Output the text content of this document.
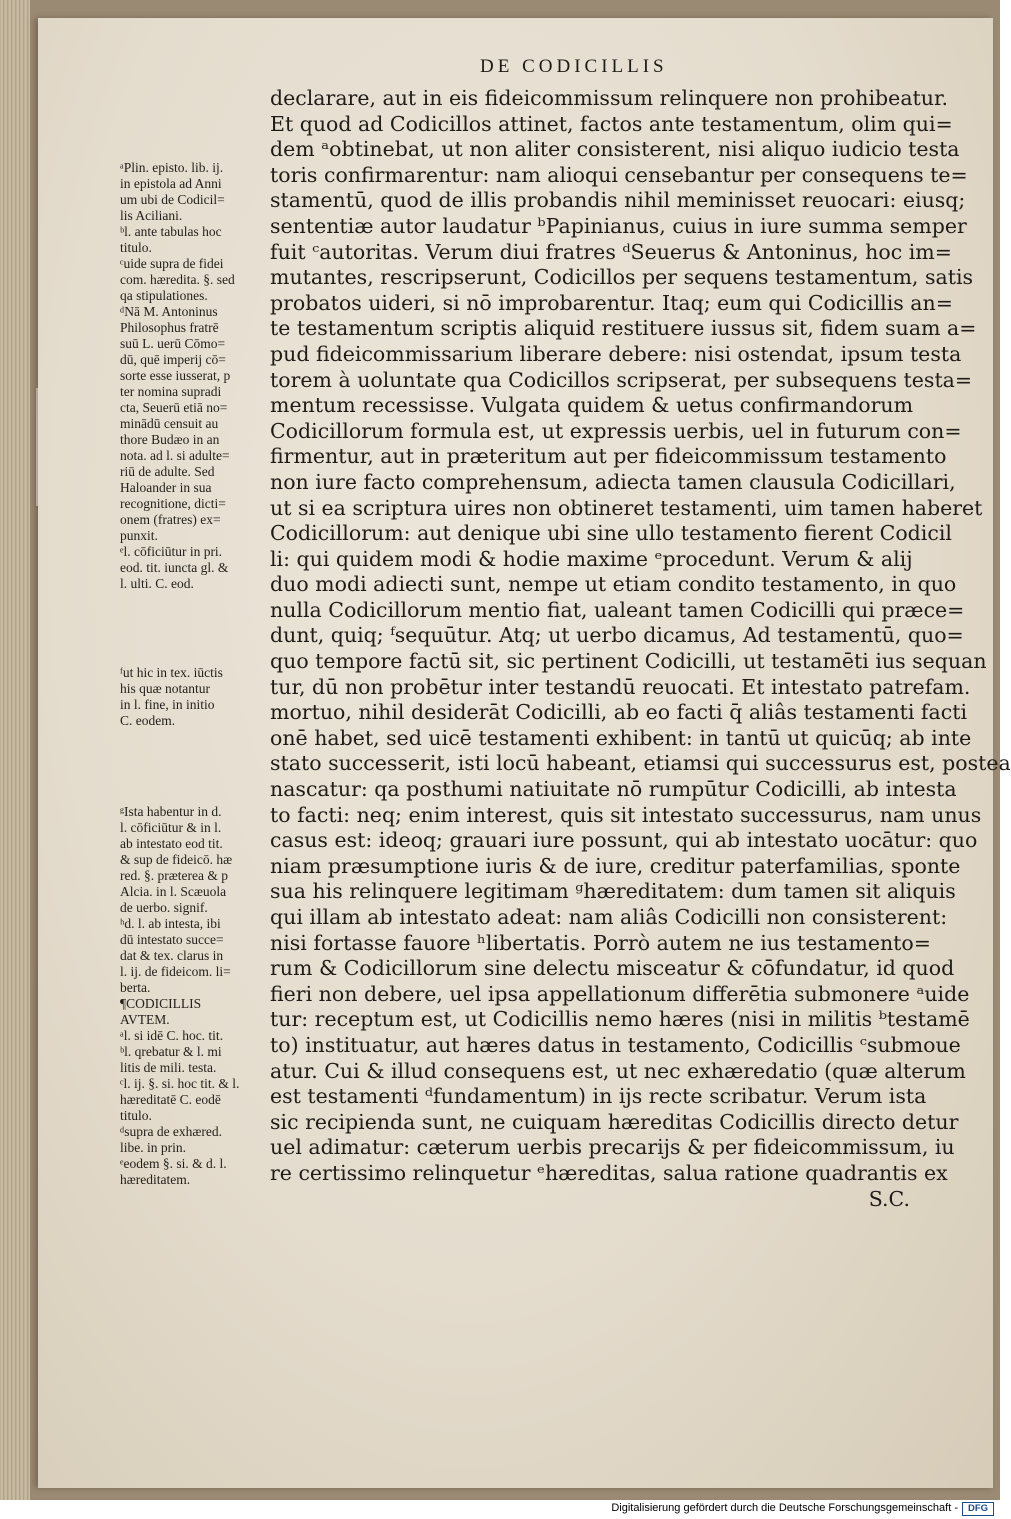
DE CODICILLIS
declarare, aut in eis fideicommissum relinquere non prohibeatur.
Et quod ad Codicillos attinet, factos ante testamentum, olim qui=
dem ᵃobtinebat, ut non aliter consisterent, nisi aliquo iudicio testa
toris confirmarentur: nam alioqui censebantur per consequens te=
stamentū, quod de illis probandis nihil meminisset reuocari: eiusq;
sententiæ autor laudatur ᵇPapinianus, cuius in iure summa semper
fuit ᶜautoritas. Verum diui fratres ᵈSeuerus & Antoninus, hoc im=
mutantes, rescripserunt, Codicillos per sequens testamentum, satis
probatos uideri, si nō improbarentur. Itaq; eum qui Codicillis an=
te testamentum scriptis aliquid restituere iussus sit, fidem suam a=
pud fideicommissarium liberare debere: nisi ostendat, ipsum testa
torem à uoluntate qua Codicillos scripserat, per subsequens testa=
mentum recessisse. Vulgata quidem & uetus confirmandorum
Codicillorum formula est, ut expressis uerbis, uel in futurum con=
firmentur, aut in præteritum aut per fideicommissum testamento
non iure facto comprehensum, adiecta tamen clausula Codicillari,
ut si ea scriptura uires non obtineret testamenti, uim tamen haberet
Codicillorum: aut denique ubi sine ullo testamento fierent Codicil
li: qui quidem modi & hodie maxime ᵉprocedunt. Verum & alij
duo modi adiecti sunt, nempe ut etiam condito testamento, in quo
nulla Codicillorum mentio fiat, ualeant tamen Codicilli qui præce=
dunt, quiq; ᶠsequūtur. Atq; ut uerbo dicamus, Ad testamentū, quo=
quo tempore factū sit, sic pertinent Codicilli, ut testamēti ius sequan
tur, dū non probētur inter testandū reuocati. Et intestato patrefam.
mortuo, nihil desiderāt Codicilli, ab eo facti q̄ aliâs testamenti facti
onē habet, sed uicē testamenti exhibent: in tantū ut quicūq; ab inte
stato successerit, isti locū habeant, etiamsi qui successurus est, postea
nascatur: qa posthumi natiuitate nō rumpūtur Codicilli, ab intesta
to facti: neq; enim interest, quis sit intestato successurus, nam unus
casus est: ideoq; grauari iure possunt, qui ab intestato uocātur: quo
niam præsumptione iuris & de iure, creditur paterfamilias, sponte
sua his relinquere legitimam ᵍhæreditatem: dum tamen sit aliquis
qui illam ab intestato adeat: nam aliâs Codicilli non consisterent:
nisi fortasse fauore ʰlibertatis. Porrò autem ne ius testamento=
rum & Codicillorum sine delectu misceatur & cōfundatur, id quod
fieri non debere, uel ipsa appellationum differētia submonere ᵃuide
tur: receptum est, ut Codicillis nemo hæres (nisi in militis ᵇtestamē
to) instituatur, aut hæres datus in testamento, Codicillis ᶜsubmoue
atur. Cui & illud consequens est, ut nec exhæredatio (quæ alterum
est testamenti ᵈfundamentum) in ijs recte scribatur. Verum ista
sic recipienda sunt, ne cuiquam hæreditas Codicillis directo detur
uel adimatur: cæterum uerbis precarijs & per fideicommissum, iu
re certissimo relinquetur ᵉhæreditas, salua ratione quadrantis ex
S.C.
ᵃPlin. episto. lib. ij.
in epistola ad Anni
um ubi de Codicil=
lis Aciliani.
ᵇl. ante tabulas hoc
titulo.
ᶜuide supra de fidei
com. hæredita. §. sed
qa stipulationes.
ᵈNā M. Antoninus
Philosophus fratrē
suū L. uerū Cōmo=
dū, quē imperij cō=
sorte esse iusserat, p
ter nomina supradi
cta, Seuerū etiā no=
minādū censuit au
thore Budæo in an
nota. ad l. si adulte=
riū de adulte. Sed
Haloander in sua
recognitione, dicti=
onem (fratres) ex=
punxit.
ᵉl. cōficiūtur in pri.
eod. tit. iuncta gl. &
l. ulti. C. eod.
ᶠut hic in tex. iūctis
his quæ notantur
in l. fine, in initio
C. eodem.
ᵍIsta habentur in d.
l. cōficiūtur & in l.
ab intestato eod tit.
& sup de fideicō. hæ
red. §. præterea & p
Alcia. in l. Scæuola
de uerbo. signif.
ʰd. l. ab intesta, ibi
dū intestato succe=
dat & tex. clarus in
l. ij. de fideicom. li=
berta.
¶CODICILLIS
AVTEM.
ᵃl. si idē C. hoc. tit.
ᵇl. qrebatur & l. mi
litis de mili. testa.
ᶜl. ij. §. si. hoc tit. & l.
hæreditatē C. eodē
titulo.
ᵈsupra de exhæred.
libe. in prin.
ᵉeodem §. si. & d. l.
hæreditatem.
Digitalisierung gefördert durch die Deutsche Forschungsgemeinschaft -	DFG
